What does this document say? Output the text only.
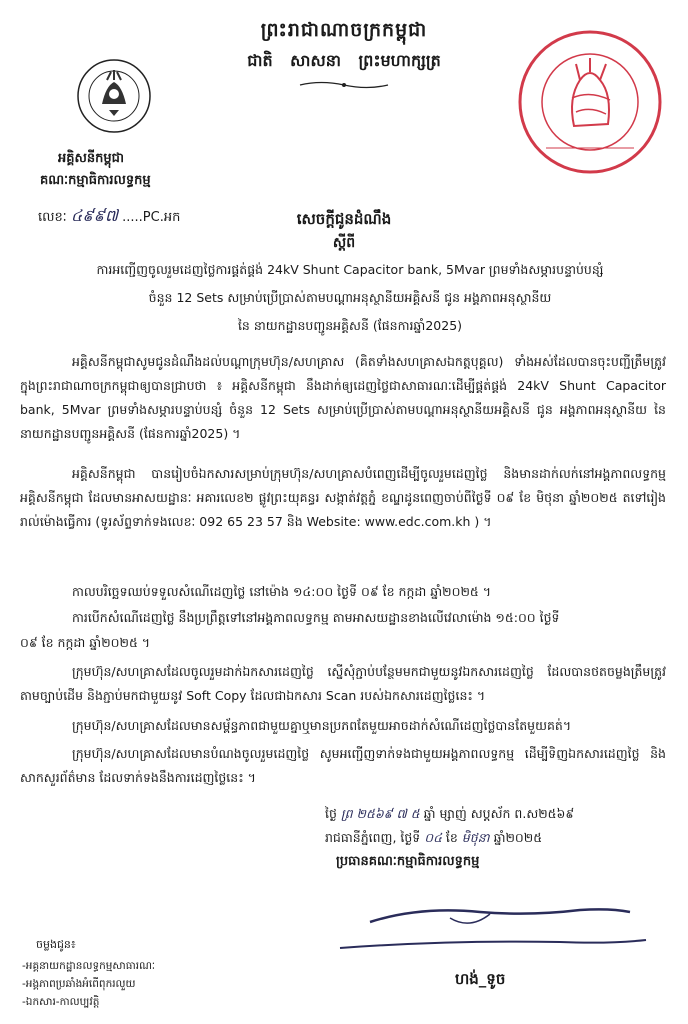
ព្រះរាជាណាចក្រកម្ពុជា
ជាតិ សាសនា ព្រះមហាក្សត្រ
អគ្គិសនីកម្ពុជា
គណៈកម្មាធិការលទ្ធកម្ម
លេខៈ ៤៩៩៧ .....PC.អក	សេចក្តីជូនដំណឹង
ស្តីពី
ការអញ្ជើញចូលរួមដេញថ្លៃការផ្គត់ផ្គង់ 24kV Shunt Capacitor bank, 5Mvar ព្រមទាំងសម្ភារបន្ទាប់បន្សំ
ចំនួន 12 Sets សម្រាប់ប្រើប្រាស់តាមបណ្តាអនុស្ថានីយអគ្គិសនី ជូន អង្គភាពអនុស្ថានីយ
នៃ នាយកដ្ឋានបញ្ជូនអគ្គិសនី (ផែនការឆ្នាំ2025)

អគ្គិសនីកម្ពុជាសូមជូនដំណឹងដល់បណ្តាក្រុមហ៊ុន/សហគ្រាស (គិតទាំងសហគ្រាសឯកត្តបុគ្គល) ទាំងអស់ដែលបានចុះបញ្ជីត្រឹមត្រូវក្នុងព្រះរាជាណាចក្រកម្ពុជាឲ្យបានជ្រាបថា ៖ អគ្គិសនីកម្ពុជា នឹងដាក់ឲ្យដេញថ្លៃជាសាធារណៈដើម្បីផ្គត់ផ្គង់ 24kV Shunt Capacitor bank, 5Mvar ព្រមទាំងសម្ភារបន្ទាប់បន្សំ ចំនួន 12 Sets សម្រាប់ប្រើប្រាស់តាមបណ្តាអនុស្ថានីយអគ្គិសនី ជូន អង្គភាពអនុស្ថានីយ នៃ នាយកដ្ឋានបញ្ជូនអគ្គិសនី (ផែនការឆ្នាំ2025) ។

អគ្គិសនីកម្ពុជា បានរៀបចំឯកសារសម្រាប់ក្រុមហ៊ុន/សហគ្រាសបំពេញដើម្បីចូលរួមដេញថ្លៃ និងមានដាក់លក់នៅអង្គភាពលទ្ធកម្មអគ្គិសនីកម្ពុជា ដែលមានអាសយដ្ឋានៈ អគារលេខ២ ផ្លូវព្រះយុគន្ធរ សង្កាត់វត្តភ្នំ ខណ្ឌដូនពេញចាប់ពីថ្ងៃទី ០៩ ខែ មិថុនា ឆ្នាំ២០២៥ តទៅរៀងរាល់ម៉ោងធ្វើការ (ទូរស័ព្ទទាក់ទងលេខៈ 092 65 23 57 និង Website: www.edc.com.kh ) ។

កាលបរិច្ឆេទឈប់ទទួលសំណើដេញថ្លៃ នៅម៉ោង ១៤:០០ ថ្ងៃទី ០៩ ខែ កក្កដា ឆ្នាំ២០២៥ ។

ការបើកសំណើដេញថ្លៃ នឹងប្រព្រឹត្តទៅនៅអង្គភាពលទ្ធកម្ម តាមអាសយដ្ឋានខាងលើវេលាម៉ោង ១៥:០០ ថ្ងៃទី

០៩ ខែ កក្កដា ឆ្នាំ២០២៥ ។

ក្រុមហ៊ុន/សហគ្រាសដែលចូលរួមដាក់ឯកសារដេញថ្លៃ ស្នើសុំភ្ជាប់បន្ថែមមកជាមួយនូវឯកសារដេញថ្លៃ ដែលបានថតចម្លងត្រឹមត្រូវតាមច្បាប់ដើម និងភ្ជាប់មកជាមួយនូវ Soft Copy ដែលជាឯកសារ Scan របស់ឯកសារដេញថ្លៃនេះ ។

ក្រុមហ៊ុន/សហគ្រាសដែលមានសម្ព័ន្ធភាពជាមួយគ្នាឬមានប្រភពតែមួយអាចដាក់សំណើដេញថ្លៃបានតែមួយគត់។

ក្រុមហ៊ុន/សហគ្រាសដែលមានបំណងចូលរួមដេញថ្លៃ សូមអញ្ជើញទាក់ទងជាមួយអង្គភាពលទ្ធកម្ម ដើម្បីទិញឯកសារដេញថ្លៃ និងសាកសួរព័ត៌មាន ដែលទាក់ទងនឹងការដេញថ្លៃនេះ ។

ថ្ងៃ ព្រ ២៥៦៩ ៧ ៥ ឆ្នាំ ម្សាញ់ សប្តស័ក ព.ស២៥៦៩
រាជធានីភ្នំពេញ, ថ្ងៃទី ០៤ ខែ មិថុនា ឆ្នាំ២០២៥
ប្រធានគណៈកម្មាធិការលទ្ធកម្ម
ហង់_ទូច
ចម្លងជូន៖
-អគ្គនាយកដ្ឋានលទ្ធកម្មសាធារណៈ
-អង្គភាពប្រឆាំងអំពើពុករលួយ
-ឯកសារ-កាលប្បវត្តិ
